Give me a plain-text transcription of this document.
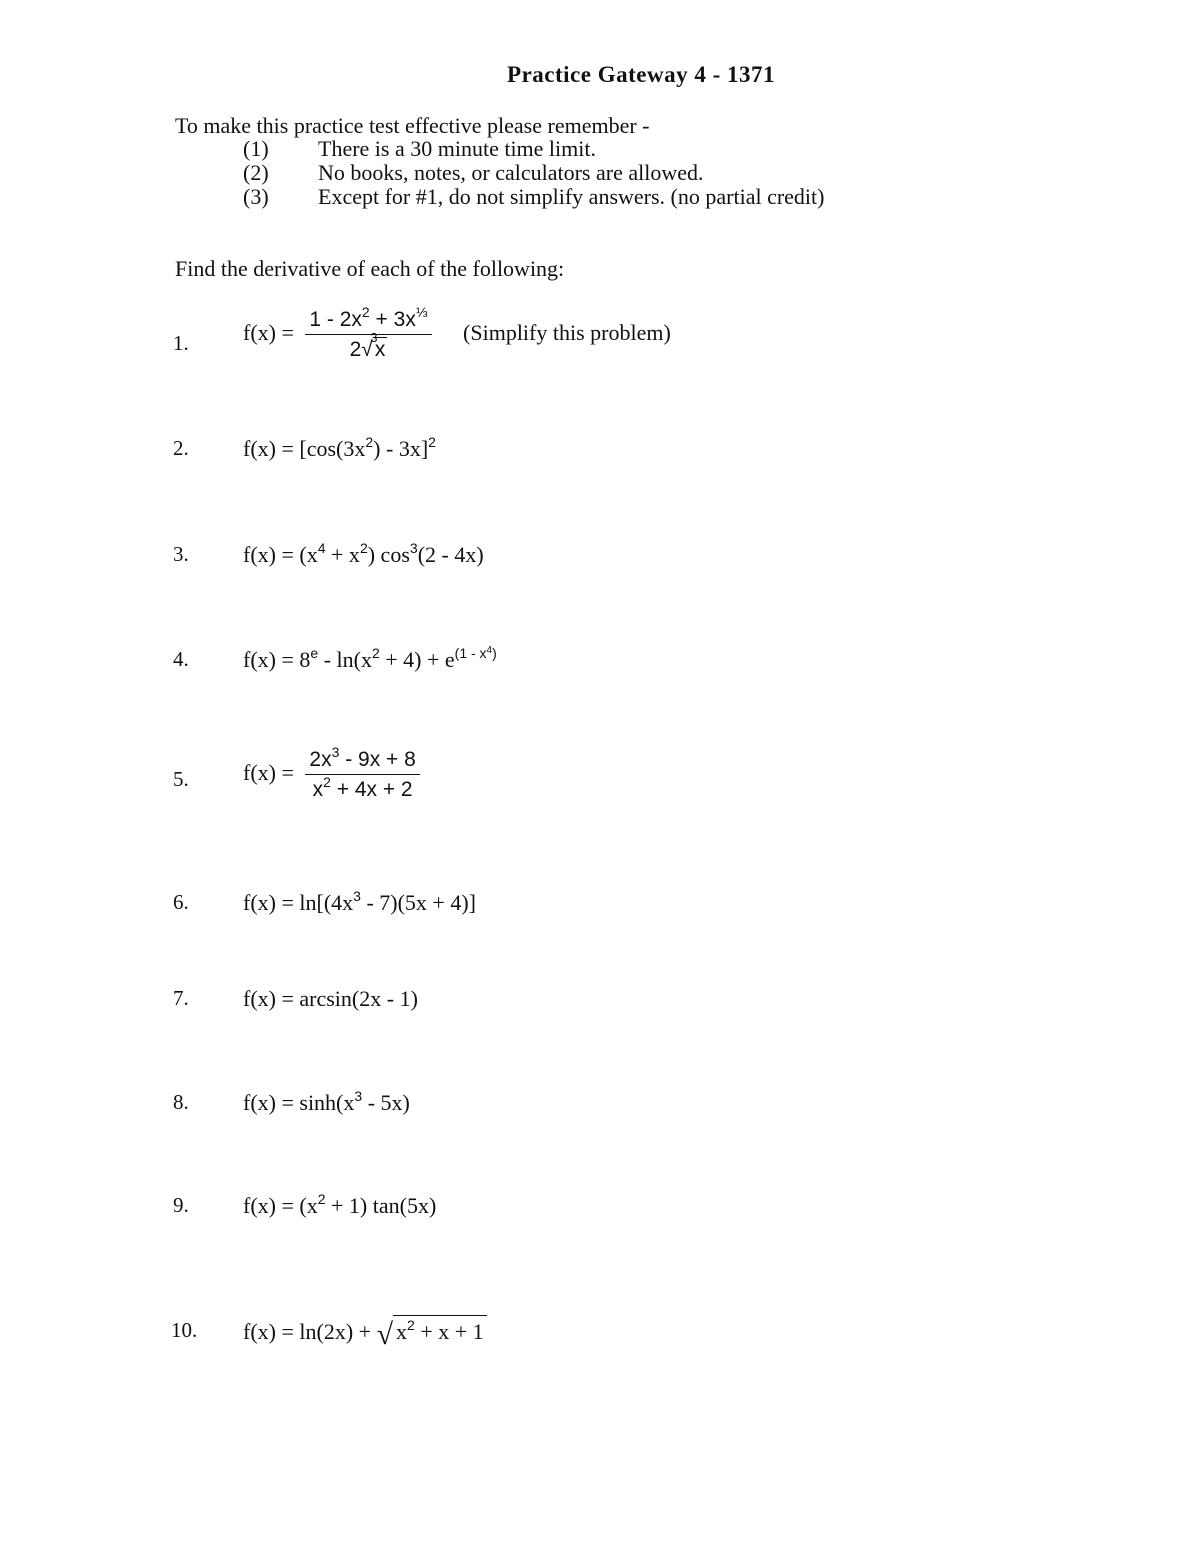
Practice Gateway 4 - 1371
To make this practice test effective please remember -
(1)	There is a 30 minute time limit.
(2)	No books, notes, or calculators are allowed.
(3)	Except for #1, do not simplify answers. (no partial credit)
Find the derivative of each of the following:
1. $f(x) = 1 - 2x^2 + 3x^{\frac{1}{3}}$
2
3
√x (Simplify this problem)
2. $f(x) = [\cos(3x^2) - 3x]^2$
3. $f(x) = (x^4 + x^2)$ $\cos^3(2 - 4x)$
4. $f(x) = 8^e - \ln(x^2 + 4) + e^{(1 - x^4)}$
5. $f(x) = \frac{2x^3 - 9x + 8}{x^2 + 4x + 2}$
6. $f(x) = \ln[(4x^3 - 7)(5x + 4)]$
7. f(x) = arcsin(2x - 1)
8. $f(x) = \sinh(x^3 - 5x)$
9. $f(x) = (x^2 + 1)$ tan(5x)
10. f(x) = ln(2x) + √ $x^2 + x + 1$
